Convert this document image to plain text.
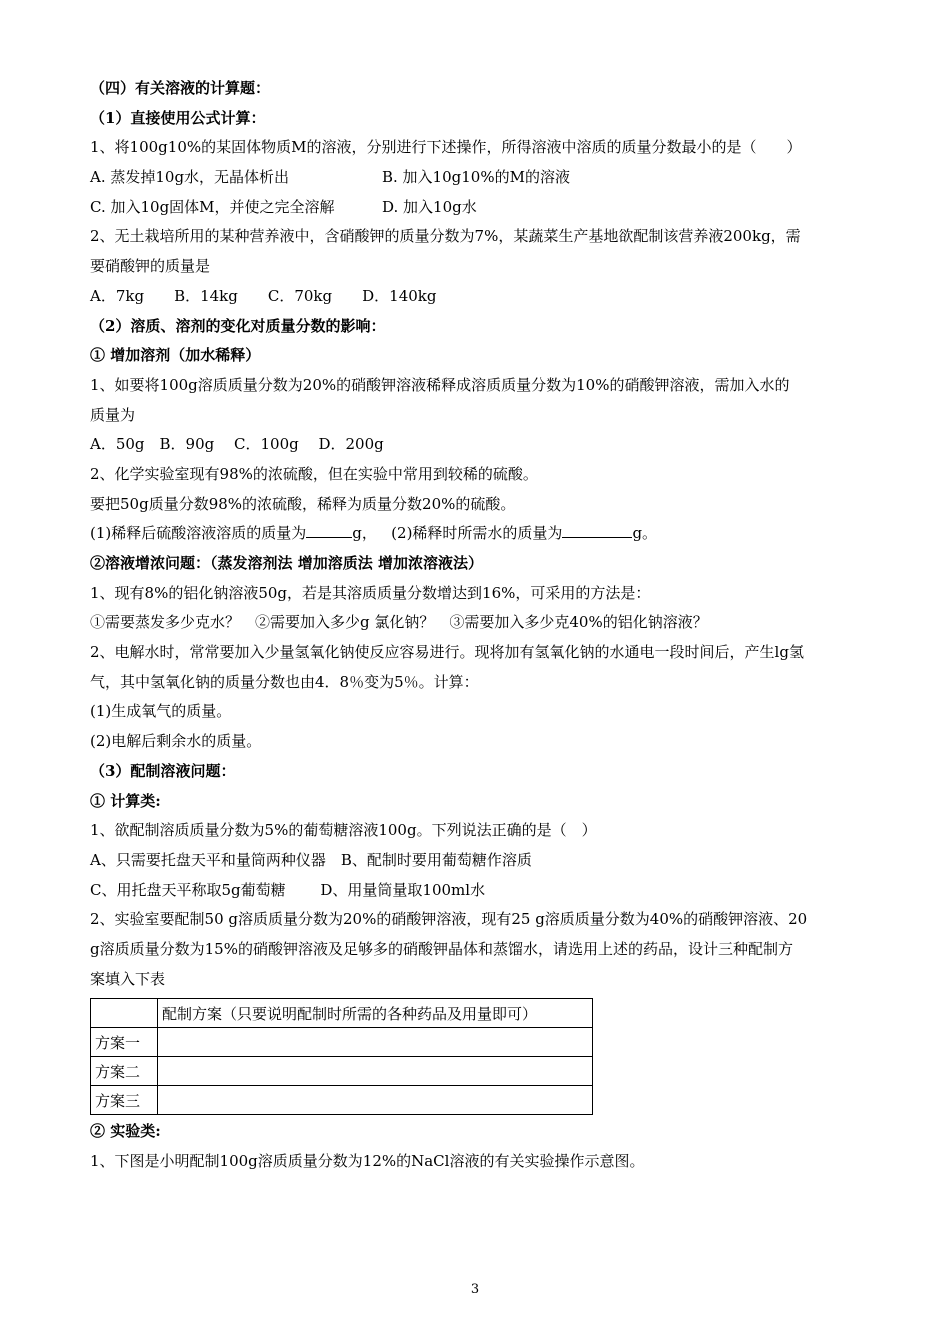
（四）有关溶液的计算题：
（1）直接使用公式计算：
1、将100g10%的某固体物质M的溶液，分别进行下述操作，所得溶液中溶质的质量分数最小的是（　　）
A. 蒸发掉10g水，无晶体析出	B. 加入10g10%的M的溶液
C. 加入10g固体M，并使之完全溶解	D. 加入10g水
2、无土栽培所用的某种营养液中，含硝酸钾的质量分数为7%，某蔬菜生产基地欲配制该营养液200kg，需
要硝酸钾的质量是
A．7kg　　B．14kg　　C．70kg　　D．140kg
（2）溶质、溶剂的变化对质量分数的影响：
① 增加溶剂（加水稀释）
1、如要将100g溶质质量分数为20%的硝酸钾溶液稀释成溶质质量分数为10%的硝酸钾溶液，需加入水的
质量为
A．50g　B．90g　 C．100g　 D．200g
2、化学实验室现有98%的浓硫酸，但在实验中常用到较稀的硫酸。
要把50g质量分数98%的浓硫酸，稀释为质量分数20%的硫酸。
(1)稀释后硫酸溶液溶质的质量为	g，   (2)稀释时所需水的质量为	g。
②溶液增浓问题：（蒸发溶剂法 增加溶质法 增加浓溶液法）
1、现有8%的铝化钠溶液50g，若是其溶质质量分数增达到16%，可采用的方法是：
①需要蒸发多少克水？　②需要加入多少g 氯化钠？　③需要加入多少克40%的铝化钠溶液？
2、电解水时，常常要加入少量氢氧化钠使反应容易进行。现将加有氢氧化钠的水通电一段时间后，产生lg氢
气，其中氢氧化钠的质量分数也由4．8％变为5％。计算：
(1)生成氧气的质量。
(2)电解后剩余水的质量。
（3）配制溶液问题：
① 计算类:
1、欲配制溶质质量分数为5%的葡萄糖溶液100g。下列说法正确的是（　）
A、只需要托盘天平和量筒两种仪器　B、配制时要用葡萄糖作溶质
C、用托盘天平称取5g葡萄糖　　 D、用量筒量取100ml水
2、实验室要配制50 g溶质质量分数为20%的硝酸钾溶液，现有25 g溶质质量分数为40%的硝酸钾溶液、20
g溶质质量分数为15%的硝酸钾溶液及足够多的硝酸钾晶体和蒸馏水，请选用上述的药品，设计三种配制方
案填入下表
	配制方案（只要说明配制时所需的各种药品及用量即可）
方案一	
方案二	
方案三	
② 实验类:
1、下图是小明配制100g溶质质量分数为12%的NaCl溶液的有关实验操作示意图。
3
